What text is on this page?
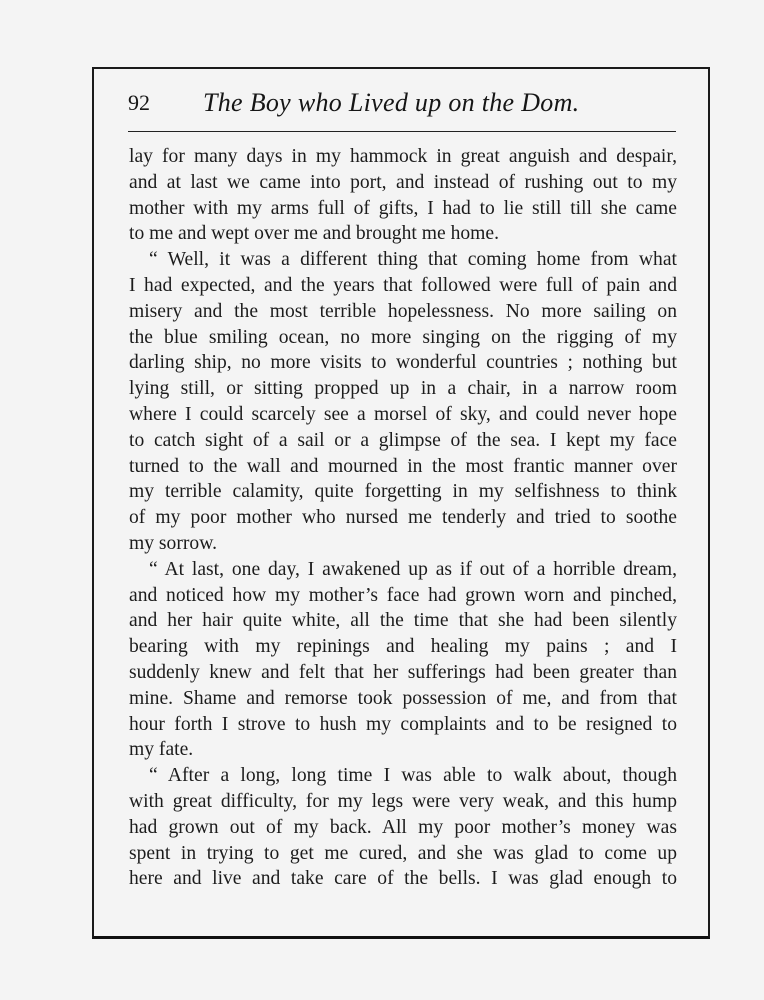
92 The Boy who Lived up on the Dom.
lay for many days in my hammock in great anguish and despair,
and at last we came into port, and instead of rushing out to my
mother with my arms full of gifts, I had to lie still till she came
to me and wept over me and brought me home.
“ Well, it was a different thing that coming home from what
I had expected, and the years that followed were full of pain and
misery and the most terrible hopelessness. No more sailing on
the blue smiling ocean, no more singing on the rigging of my
darling ship, no more visits to wonderful countries ; nothing but
lying still, or sitting propped up in a chair, in a narrow room
where I could scarcely see a morsel of sky, and could never hope
to catch sight of a sail or a glimpse of the sea. I kept my face
turned to the wall and mourned in the most frantic manner over
my terrible calamity, quite forgetting in my selfishness to think
of my poor mother who nursed me tenderly and tried to soothe
my sorrow.
“ At last, one day, I awakened up as if out of a horrible dream,
and noticed how my mother’s face had grown worn and pinched,
and her hair quite white, all the time that she had been silently
bearing with my repinings and healing my pains ; and I
suddenly knew and felt that her sufferings had been greater than
mine. Shame and remorse took possession of me, and from that
hour forth I strove to hush my complaints and to be resigned to
my fate.
“ After a long, long time I was able to walk about, though
with great difficulty, for my legs were very weak, and this hump
had grown out of my back. All my poor mother’s money was
spent in trying to get me cured, and she was glad to come up
here and live and take care of the bells. I was glad enough to
